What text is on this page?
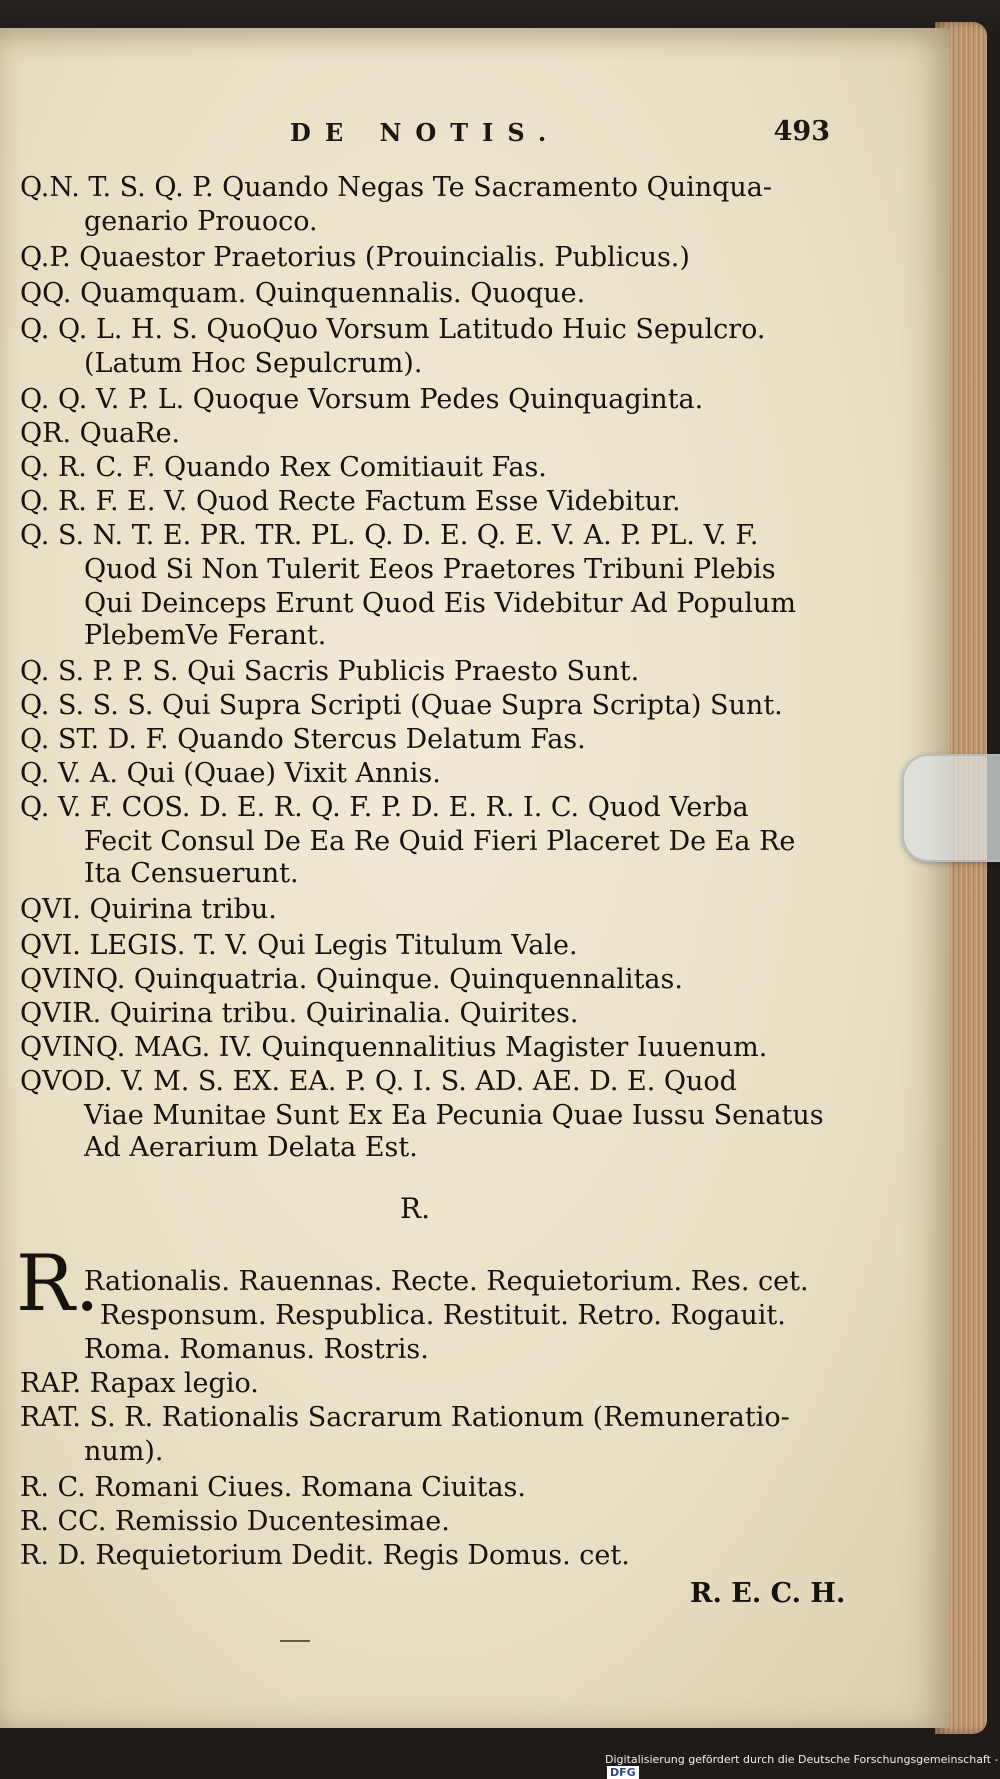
DE NOTIS.	493
Q.N. T. S. Q. P. Quando Negas Te Sacramento Quinqua-
genario Prouoco.
Q.P. Quaestor Praetorius (Prouincialis. Publicus.)
QQ. Quamquam. Quinquennalis. Quoque.
Q. Q. L. H. S. QuoQuo Vorsum Latitudo Huic Sepulcro.
(Latum Hoc Sepulcrum).
Q. Q. V. P. L. Quoque Vorsum Pedes Quinquaginta.
QR. QuaRe.
Q. R. C. F. Quando Rex Comitiauit Fas.
Q. R. F. E. V. Quod Recte Factum Esse Videbitur.
Q. S. N. T. E. PR. TR. PL. Q. D. E. Q. E. V. A. P. PL. V. F.
Quod Si Non Tulerit Eeos Praetores Tribuni Plebis
Qui Deinceps Erunt Quod Eis Videbitur Ad Populum
PlebemVe Ferant.
Q. S. P. P. S. Qui Sacris Publicis Praesto Sunt.
Q. S. S. S. Qui Supra Scripti (Quae Supra Scripta) Sunt.
Q. ST. D. F. Quando Stercus Delatum Fas.
Q. V. A. Qui (Quae) Vixit Annis.
Q. V. F. COS. D. E. R. Q. F. P. D. E. R. I. C. Quod Verba
Fecit Consul De Ea Re Quid Fieri Placeret De Ea Re
Ita Censuerunt.
QVI. Quirina tribu.
QVI. LEGIS. T. V. Qui Legis Titulum Vale.
QVINQ. Quinquatria. Quinque. Quinquennalitas.
QVIR. Quirina tribu. Quirinalia. Quirites.
QVINQ. MAG. IV. Quinquennalitius Magister Iuuenum.
QVOD. V. M. S. EX. EA. P. Q. I. S. AD. AE. D. E. Quod
Viae Munitae Sunt Ex Ea Pecunia Quae Iussu Senatus
Ad Aerarium Delata Est.
Rationalis. Rauennas. Recte. Requietorium. Res. cet.
Responsum. Respublica. Restituit. Retro. Rogauit.
Roma. Romanus. Rostris.
RAP. Rapax legio.
RAT. S. R. Rationalis Sacrarum Rationum (Remuneratio-
num).
R. C. Romani Ciues. Romana Ciuitas.
R. CC. Remissio Ducentesimae.
R. D. Requietorium Dedit. Regis Domus. cet.
R.
R.
R. E. C. H.
Digitalisierung gefördert durch die Deutsche Forschungsgemeinschaft - DFG
